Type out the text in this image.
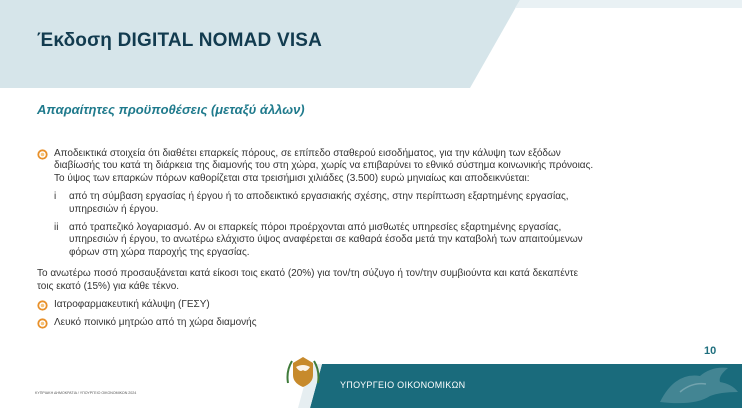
Έκδοση DIGITAL NOMAD VISA
Απαραίτητες προϋποθέσεις (μεταξύ άλλων)
Αποδεικτικά στοιχεία ότι διαθέτει επαρκείς πόρους, σε επίπεδο σταθερού εισοδήματος, για την κάλυψη των εξόδων
διαβίωσής του κατά τη διάρκεια της διαμονής του στη χώρα, χωρίς να επιβαρύνει το εθνικό σύστημα κοινωνικής πρόνοιας.
Το ύψος των επαρκών πόρων καθορίζεται στα τρεισήμισι χιλιάδες (3.500) ευρώ μηνιαίως και αποδεικνύεται:
i από τη σύμβαση εργασίας ή έργου ή το αποδεικτικό εργασιακής σχέσης, στην περίπτωση εξαρτημένης εργασίας,
υπηρεσιών ή έργου.
ii από τραπεζικό λογαριασμό. Αν οι επαρκείς πόροι προέρχονται από μισθωτές υπηρεσίες εξαρτημένης εργασίας,
υπηρεσιών ή έργου, το ανωτέρω ελάχιστο ύψος αναφέρεται σε καθαρά έσοδα μετά την καταβολή των απαιτούμενων
φόρων στη χώρα παροχής της εργασίας.
Το ανωτέρω ποσό προσαυξάνεται κατά είκοσι τοις εκατό (20%) για τον/τη σύζυγο ή τον/την συμβιούντα και κατά δεκαπέντε
τοις εκατό (15%) για κάθε τέκνο.
Ιατροφαρμακευτική κάλυψη (ΓΕΣΥ)
Λευκό ποινικό μητρώο από τη χώρα διαμονής
10
ΥΠΟΥΡΓΕΙΟ ΟΙΚΟΝΟΜΙΚΩΝ
ΚΥΠΡΙΑΚΗ ΔΗΜΟΚΡΑΤΙΑ / ΥΠΟΥΡΓΕΙΟ ΟΙΚΟΝΟΜΙΚΩΝ 2024
